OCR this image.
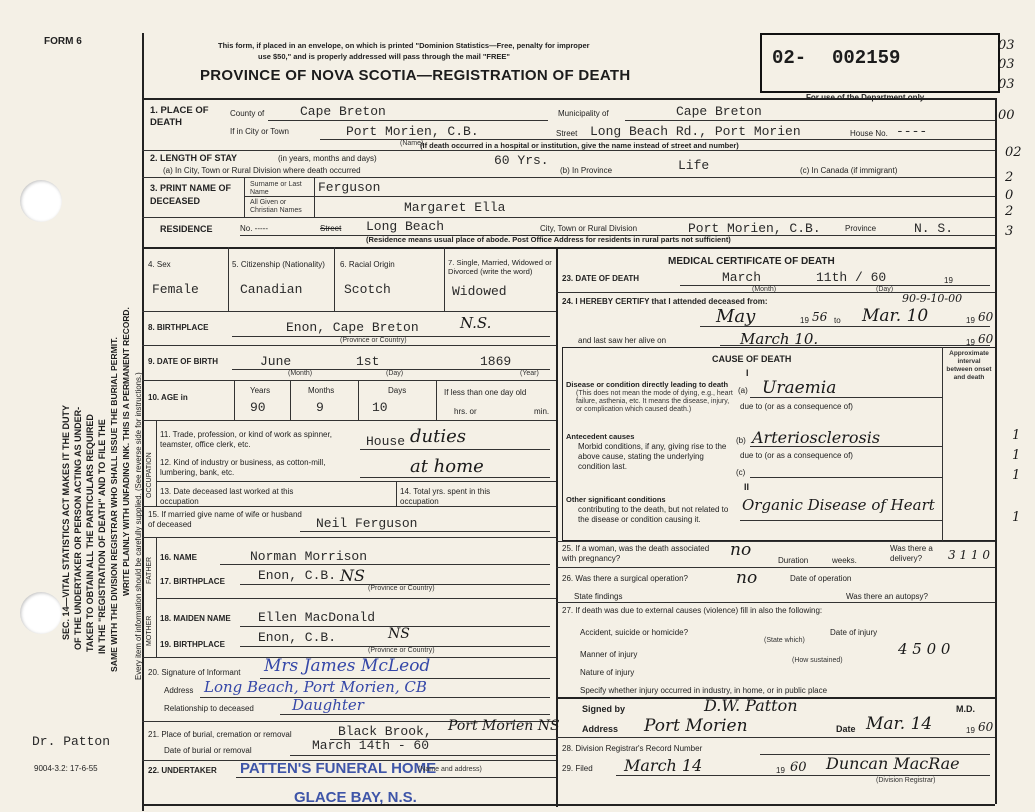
FORM 6
SEC. 14—VITAL STATISTICS ACT MAKES IT THE DUTY OF THE UNDERTAKER OR PERSON ACTING AS UNDER- TAKER TO OBTAIN ALL THE PARTICULARS REQUIRED IN THE "REGISTRATION OF DEATH" AND TO FILE THE SAME WITH THE DIVISION REGISTRAR WHO SHALL ISSUE THE BURIAL PERMIT. WRITE PLAINLY WITH UNFADING INK. THIS IS A PERMANENT RECORD. Every item of information should be carefully supplied. (See reverse side for instructions.)
This form, if placed in an envelope, on which is printed "Dominion Statistics—Free, penalty for improper
use $50," and is properly addressed will pass through the mail "FREE"
PROVINCE OF NOVA SCOTIA—REGISTRATION OF DEATH
02- 002159
For use of the Department only
03
03
03
00
02
2
0
2
3
1. PLACE OF DEATH
County of	Cape Breton	Municipality of	Cape Breton
If in City or Town	Port Morien, C.B.
(Name)
Street Long Beach Rd., Port Morien	House No. ----
(If death occurred in a hospital or institution, give the name instead of street and number)
2. LENGTH OF STAY	(in years, months and days)
(a) In City, Town or Rural Division where death occurred
60 Yrs.
(b) In Province	Life	(c) In Canada (if immigrant)
3. PRINT NAME OF DECEASED
Surname or Last Name	Ferguson
All Given or Christian Names	Margaret Ella
RESIDENCE	No. -----	Street Long Beach	City, Town or Rural Division	Port Morien, C.B.	Province	N. S.
(Residence means usual place of abode. Post Office Address for residents in rural parts not sufficient)
4. Sex
Female
5. Citizenship (Nationality)
Canadian
6. Racial Origin
Scotch
7. Single, Married, Widowed or Divorced (write the word)
Widowed
8. BIRTHPLACE	Enon, Cape Breton	N.S.
(Province or Country)
9. DATE OF BIRTH	June	1st	1869
(Month)	(Day)	(Year)
10. AGE in
Years	Months	Days
90	9	10
If less than one day old
hrs. or	min.
OCCUPATION
11. Trade, profession, or kind of work as spinner, teamster, office clerk, etc.	House duties
12. Kind of industry or business, as cotton-mill, lumbering, bank, etc.	at home
13. Date deceased last worked at this occupation
14. Total yrs. spent in this occupation
15. If married give name of wife or husband of deceased	Neil Ferguson
FATHER
MOTHER
16. NAME	Norman Morrison
17. BIRTHPLACE	Enon, C.B. NS
(Province or Country)
18. MAIDEN NAME Ellen MacDonald
19. BIRTHPLACE	Enon, C.B.	NS
(Province or Country)
20. Signature of Informant Mrs James McLeod
Address Long Beach, Port Morien, CB
Relationship to deceased	Daughter
21. Place of burial, cremation or removal	Black Brook, Port Morien NS
Date of burial or removal	March 14th - 60
22. UNDERTAKER PATTEN'S FUNERAL HOME
(Name and address)
GLACE BAY, N.S.
Dr. Patton
9004-3.2: 17-6-55
MEDICAL CERTIFICATE OF DEATH
23. DATE OF DEATH	March	11th / 60	19
(Month)	(Day)
24. I HEREBY CERTIFY that I attended deceased from:	90-9-10-00
May	19 56 to Mar. 10	19 60
and last saw her alive on	March 10.	19 60
CAUSE OF DEATH
Approximate interval between onset and death
I
Disease or condition directly leading to death
(This does not mean the mode of dying, e.g., heart failure, asthenia, etc. It means the disease, injury, or complication which caused death.)
(a) Uraemia
due to (or as a consequence of)
Antecedent causes
Morbid conditions, if any, giving rise to the above cause, stating the underlying condition last.
(b) Arteriosclerosis
due to (or as a consequence of)
(c)
II
Other significant conditions
contributing to the death, but not related to the disease or condition causing it.
Organic Disease of Heart
1
1
1
1
25. If a woman, was the death associated with pregnancy?	no
Duration	weeks.
Was there a delivery?	3 1 1 0
26. Was there a surgical operation?	no	Date of operation
State findings	Was there an autopsy?
27. If death was due to external causes (violence) fill in also the following:
Accident, suicide or homicide?
(State which)
Date of injury
Manner of injury
(How sustained)
4 5 0 0
Nature of injury
Specify whether injury occurred in industry, in home, or in public place
Signed by	D.W. Patton	M.D.
Address Port Morien	Date Mar. 14	19 60
28. Division Registrar's Record Number
29. Filed March 14	19 60 Duncan MacRae
(Division Registrar)
